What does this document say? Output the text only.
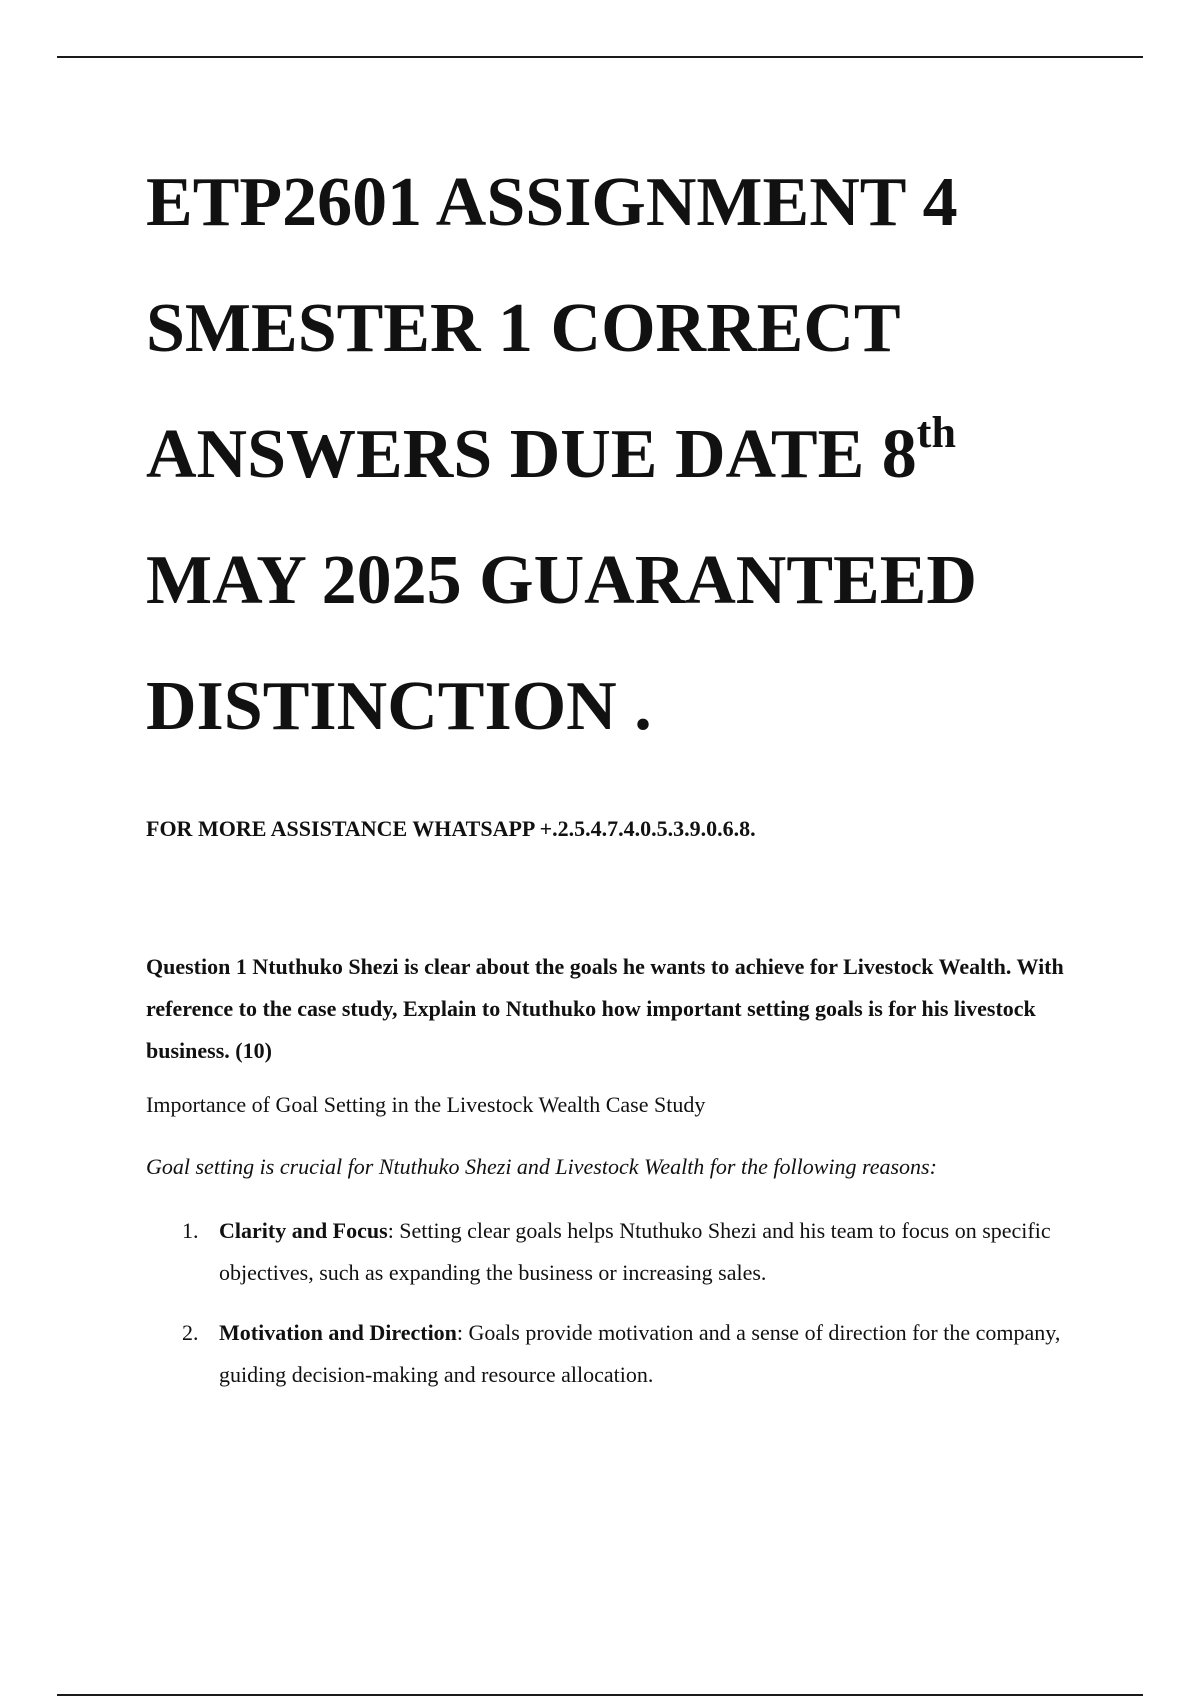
ETP2601 ASSIGNMENT 4
SMESTER 1 CORRECT
ANSWERS DUE DATE 8th
MAY 2025 GUARANTEED
DISTINCTION .
FOR MORE ASSISTANCE WHATSAPP +.2.5.4.7.4.0.5.3.9.0.6.8.
Question 1 Ntuthuko Shezi is clear about the goals he wants to achieve for Livestock Wealth. With reference to the case study, Explain to Ntuthuko how important setting goals is for his livestock business. (10)
Importance of Goal Setting in the Livestock Wealth Case Study
Goal setting is crucial for Ntuthuko Shezi and Livestock Wealth for the following reasons:
1. Clarity and Focus: Setting clear goals helps Ntuthuko Shezi and his team to focus on specific objectives, such as expanding the business or increasing sales.
2. Motivation and Direction: Goals provide motivation and a sense of direction for the company, guiding decision-making and resource allocation.
